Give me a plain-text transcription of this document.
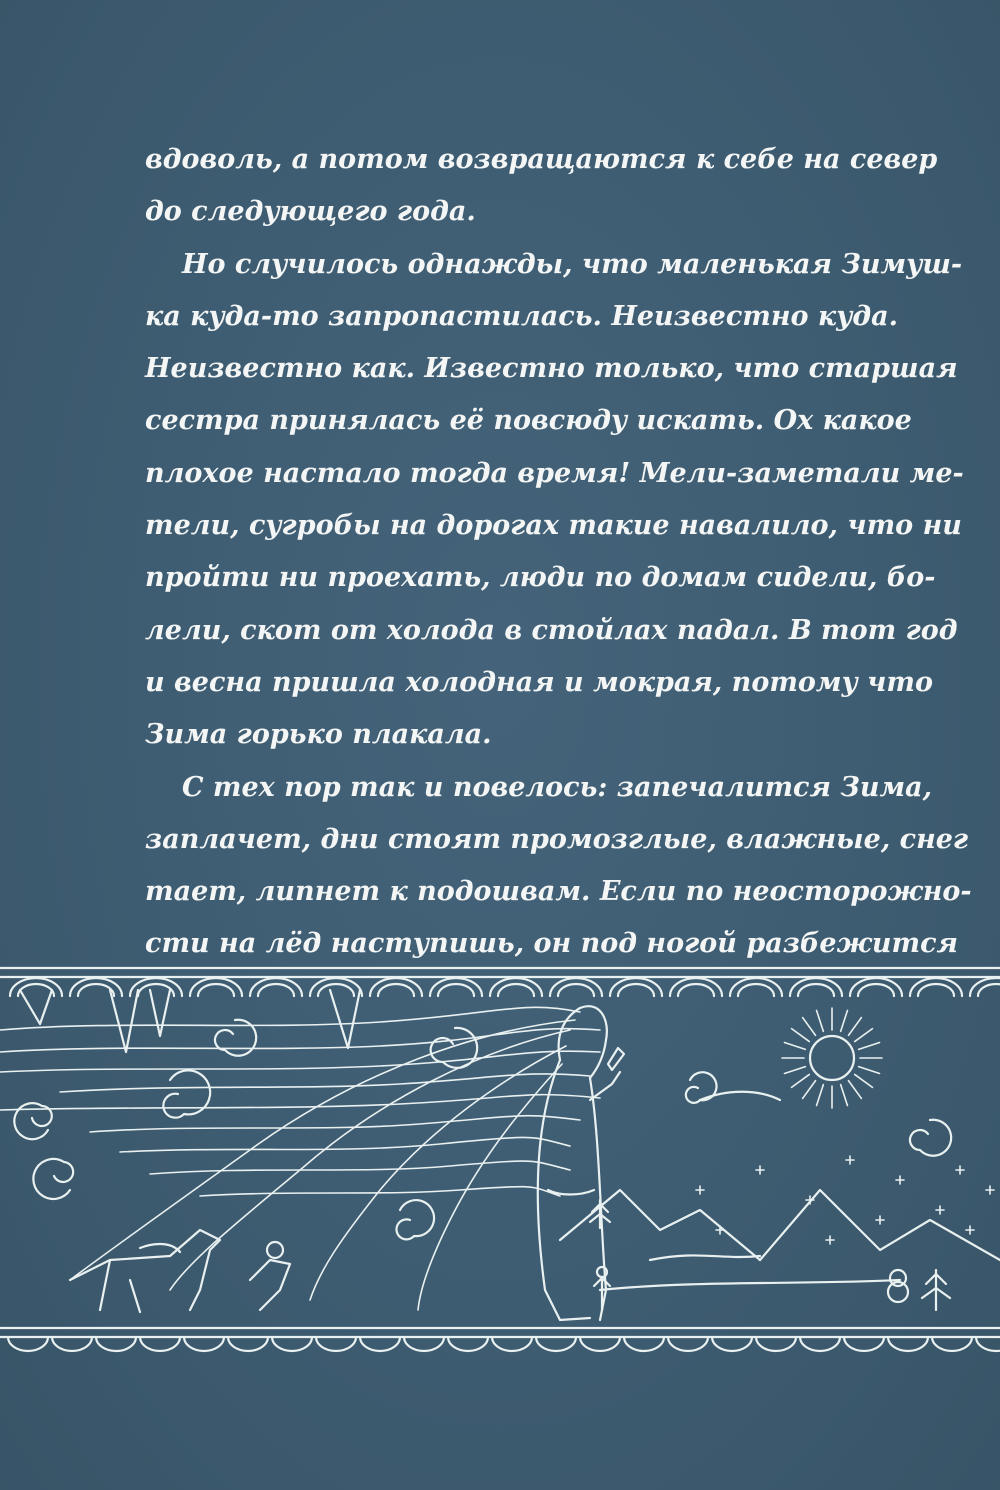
вдоволь, а потом возвращаются к себе на север
до следующего года.
Но случилось однажды, что маленькая Зимуш-
ка куда-то запропастилась. Неизвестно куда.
Неизвестно как. Известно только, что старшая
сестра принялась её повсюду искать. Ох какое
плохое настало тогда время! Мели-заметали ме-
тели, сугробы на дорогах такие навалило, что ни
пройти ни проехать, люди по домам сидели, бо-
лели, скот от холода в стойлах падал. В тот год
и весна пришла холодная и мокрая, потому что
Зима горько плакала.
С тех пор так и повелось: запечалится Зима,
заплачет, дни стоят промозглые, влажные, снег
тает, липнет к подошвам. Если по неосторожно-
сти на лёд наступишь, он под ногой разбежится
